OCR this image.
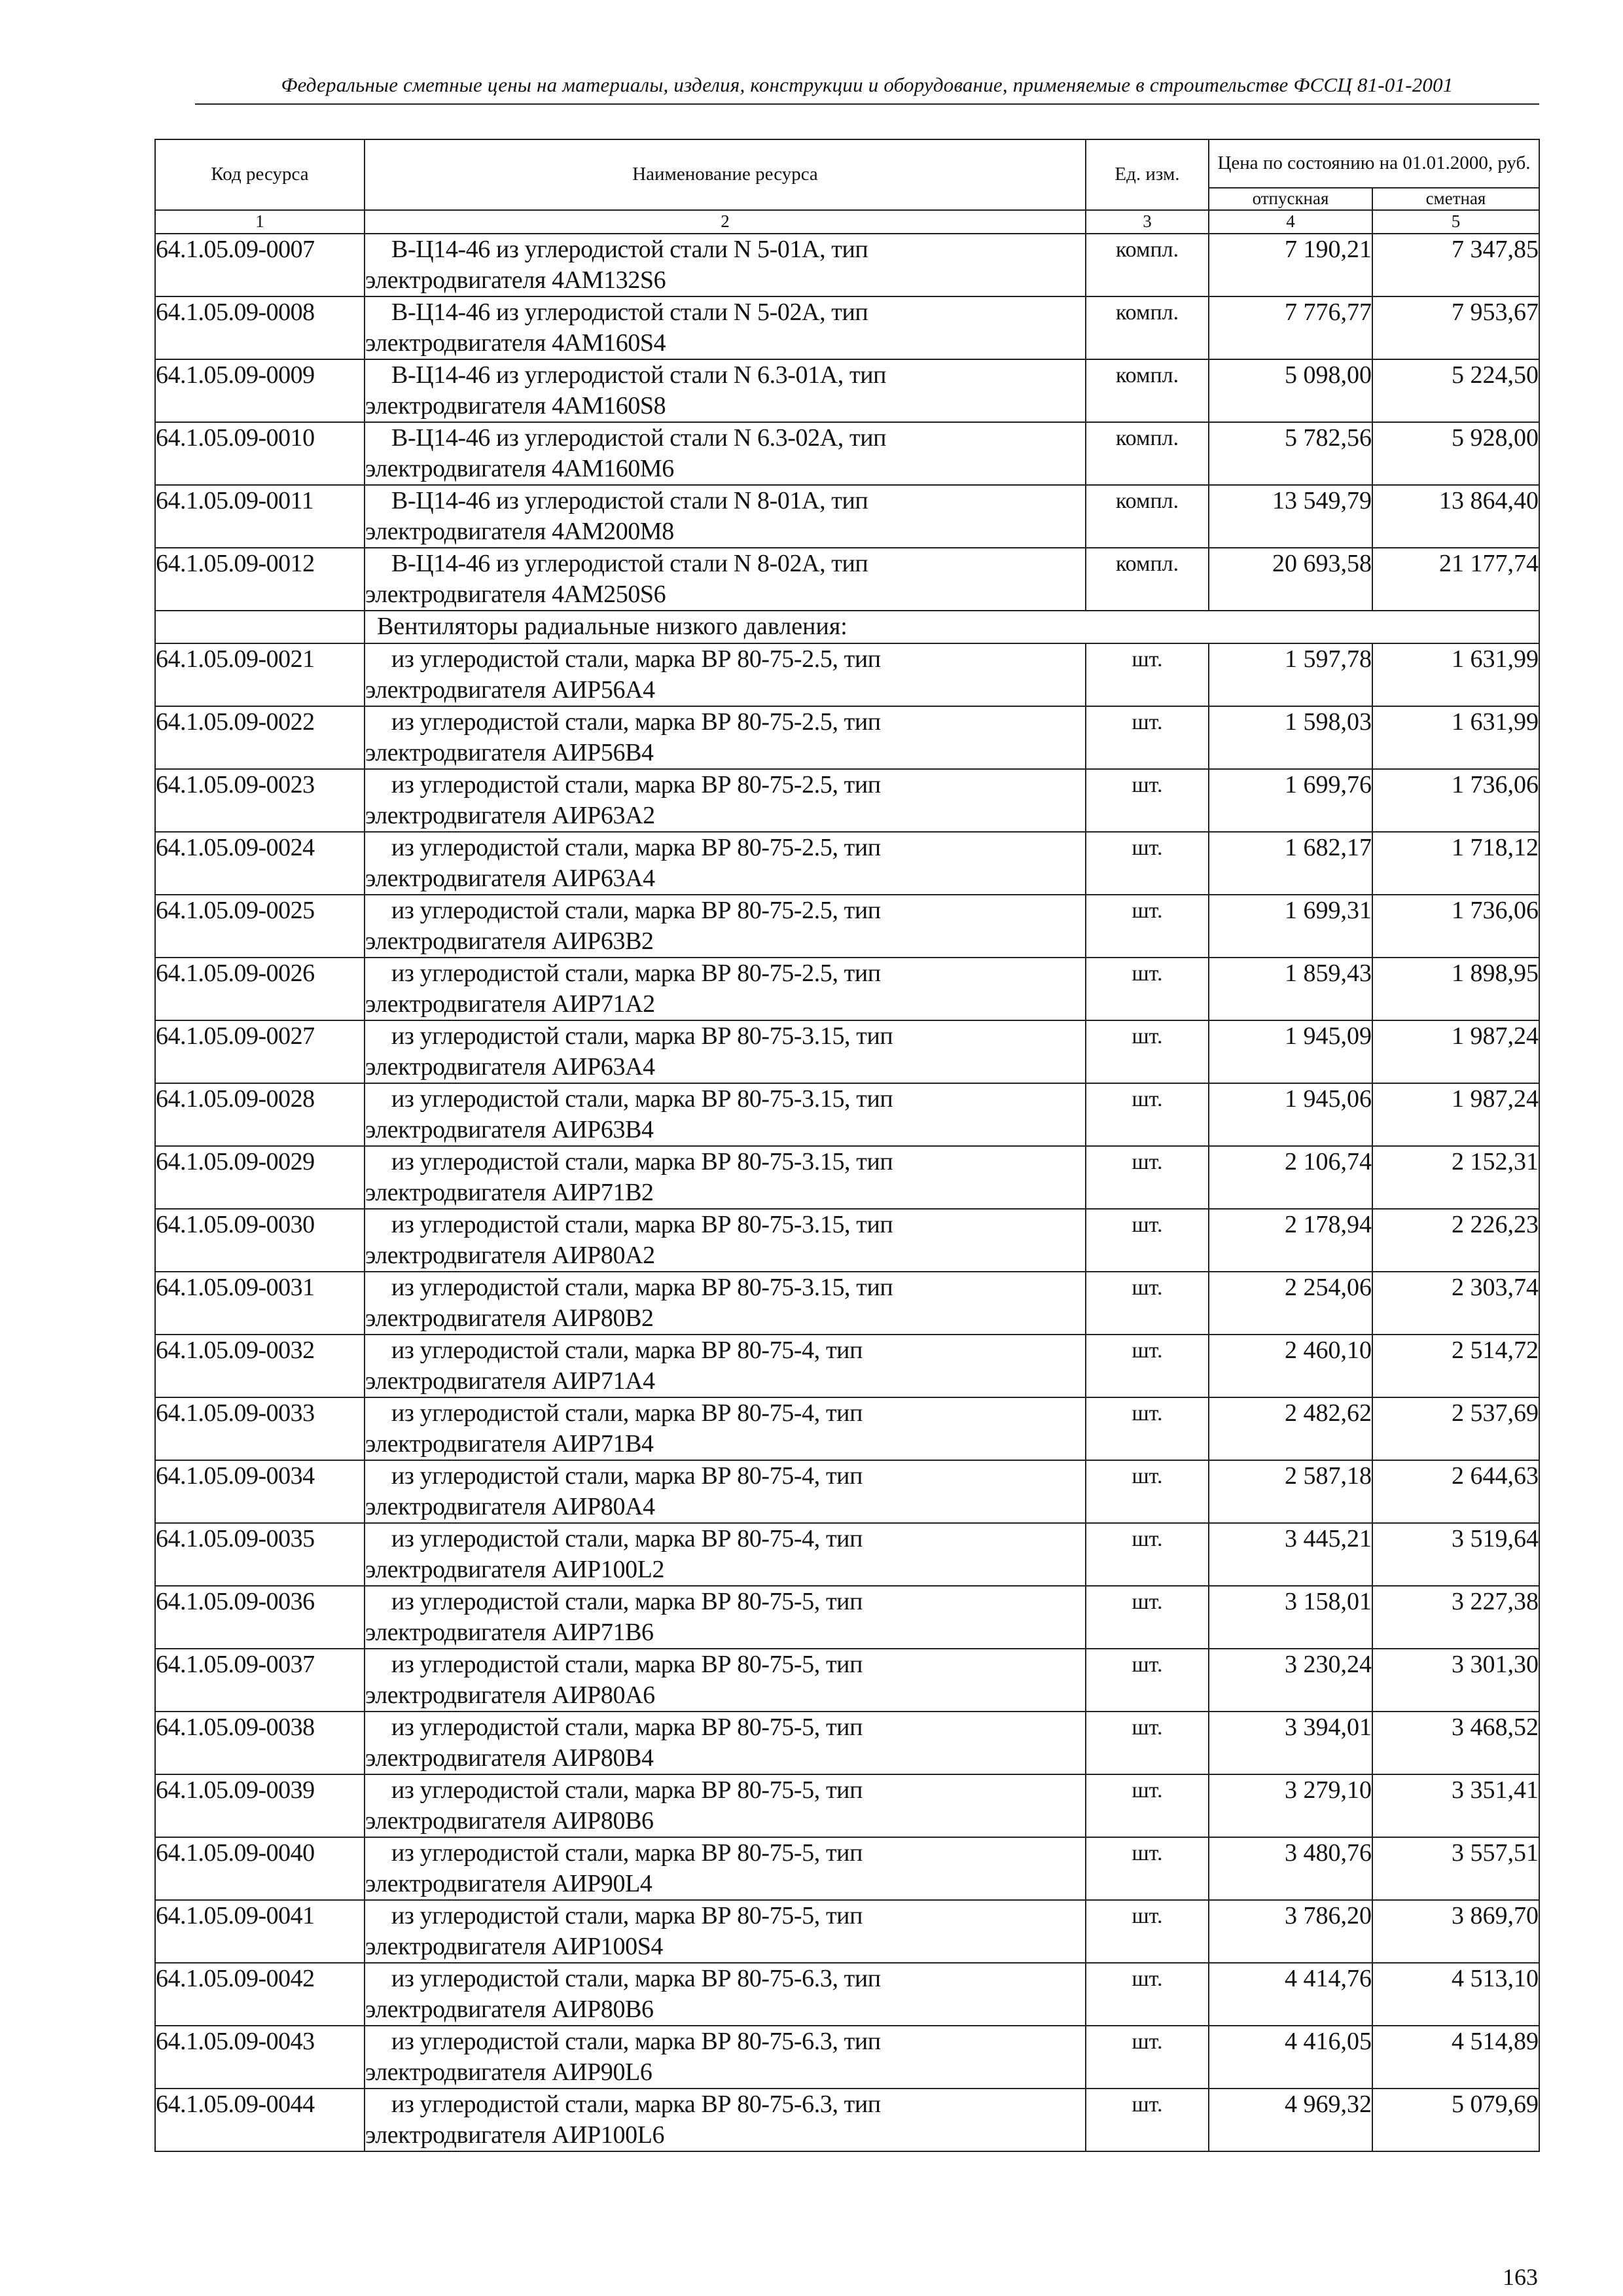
Федеральные сметные цены на материалы, изделия, конструкции и оборудование, применяемые в строительстве ФССЦ 81-01-2001
Код ресурса	Наименование ресурса	Ед. изм.	Цена по состоянию на 01.01.2000, руб.	
			отпускная	сметная
1	2	3	4	5
64.1.05.09-0007	В-Ц14-46 из углеродистой стали N 5-01А, тип
электродвигателя 4АМ132S6	компл.	7 190,21	7 347,85
64.1.05.09-0008	В-Ц14-46 из углеродистой стали N 5-02А, тип
электродвигателя 4АМ160S4	компл.	7 776,77	7 953,67
64.1.05.09-0009	В-Ц14-46 из углеродистой стали N 6.3-01А, тип
электродвигателя 4АМ160S8	компл.	5 098,00	5 224,50
64.1.05.09-0010	В-Ц14-46 из углеродистой стали N 6.3-02А, тип
электродвигателя 4АМ160М6	компл.	5 782,56	5 928,00
64.1.05.09-0011	В-Ц14-46 из углеродистой стали N 8-01А, тип
электродвигателя 4АМ200М8	компл.	13 549,79	13 864,40
64.1.05.09-0012	В-Ц14-46 из углеродистой стали N 8-02А, тип
электродвигателя 4АМ250S6	компл.	20 693,58	21 177,74
	Вентиляторы радиальные низкого давления:			
64.1.05.09-0021	из углеродистой стали, марка ВР 80-75-2.5, тип
электродвигателя АИР56А4	шт.	1 597,78	1 631,99
64.1.05.09-0022	из углеродистой стали, марка ВР 80-75-2.5, тип
электродвигателя АИР56В4	шт.	1 598,03	1 631,99
64.1.05.09-0023	из углеродистой стали, марка ВР 80-75-2.5, тип
электродвигателя АИР63А2	шт.	1 699,76	1 736,06
64.1.05.09-0024	из углеродистой стали, марка ВР 80-75-2.5, тип
электродвигателя АИР63А4	шт.	1 682,17	1 718,12
64.1.05.09-0025	из углеродистой стали, марка ВР 80-75-2.5, тип
электродвигателя АИР63В2	шт.	1 699,31	1 736,06
64.1.05.09-0026	из углеродистой стали, марка ВР 80-75-2.5, тип
электродвигателя АИР71А2	шт.	1 859,43	1 898,95
64.1.05.09-0027	из углеродистой стали, марка ВР 80-75-3.15, тип
электродвигателя АИР63А4	шт.	1 945,09	1 987,24
64.1.05.09-0028	из углеродистой стали, марка ВР 80-75-3.15, тип
электродвигателя АИР63В4	шт.	1 945,06	1 987,24
64.1.05.09-0029	из углеродистой стали, марка ВР 80-75-3.15, тип
электродвигателя АИР71В2	шт.	2 106,74	2 152,31
64.1.05.09-0030	из углеродистой стали, марка ВР 80-75-3.15, тип
электродвигателя АИР80А2	шт.	2 178,94	2 226,23
64.1.05.09-0031	из углеродистой стали, марка ВР 80-75-3.15, тип
электродвигателя АИР80В2	шт.	2 254,06	2 303,74
64.1.05.09-0032	из углеродистой стали, марка ВР 80-75-4, тип
электродвигателя АИР71А4	шт.	2 460,10	2 514,72
64.1.05.09-0033	из углеродистой стали, марка ВР 80-75-4, тип
электродвигателя АИР71В4	шт.	2 482,62	2 537,69
64.1.05.09-0034	из углеродистой стали, марка ВР 80-75-4, тип
электродвигателя АИР80А4	шт.	2 587,18	2 644,63
64.1.05.09-0035	из углеродистой стали, марка ВР 80-75-4, тип
электродвигателя АИР100L2	шт.	3 445,21	3 519,64
64.1.05.09-0036	из углеродистой стали, марка ВР 80-75-5, тип
электродвигателя АИР71В6	шт.	3 158,01	3 227,38
64.1.05.09-0037	из углеродистой стали, марка ВР 80-75-5, тип
электродвигателя АИР80А6	шт.	3 230,24	3 301,30
64.1.05.09-0038	из углеродистой стали, марка ВР 80-75-5, тип
электродвигателя АИР80В4	шт.	3 394,01	3 468,52
64.1.05.09-0039	из углеродистой стали, марка ВР 80-75-5, тип
электродвигателя АИР80В6	шт.	3 279,10	3 351,41
64.1.05.09-0040	из углеродистой стали, марка ВР 80-75-5, тип
электродвигателя АИР90L4	шт.	3 480,76	3 557,51
64.1.05.09-0041	из углеродистой стали, марка ВР 80-75-5, тип
электродвигателя АИР100S4	шт.	3 786,20	3 869,70
64.1.05.09-0042	из углеродистой стали, марка ВР 80-75-6.3, тип
электродвигателя АИР80В6	шт.	4 414,76	4 513,10
64.1.05.09-0043	из углеродистой стали, марка ВР 80-75-6.3, тип
электродвигателя АИР90L6	шт.	4 416,05	4 514,89
64.1.05.09-0044	из углеродистой стали, марка ВР 80-75-6.3, тип
электродвигателя АИР100L6	шт.	4 969,32	5 079,69
163
